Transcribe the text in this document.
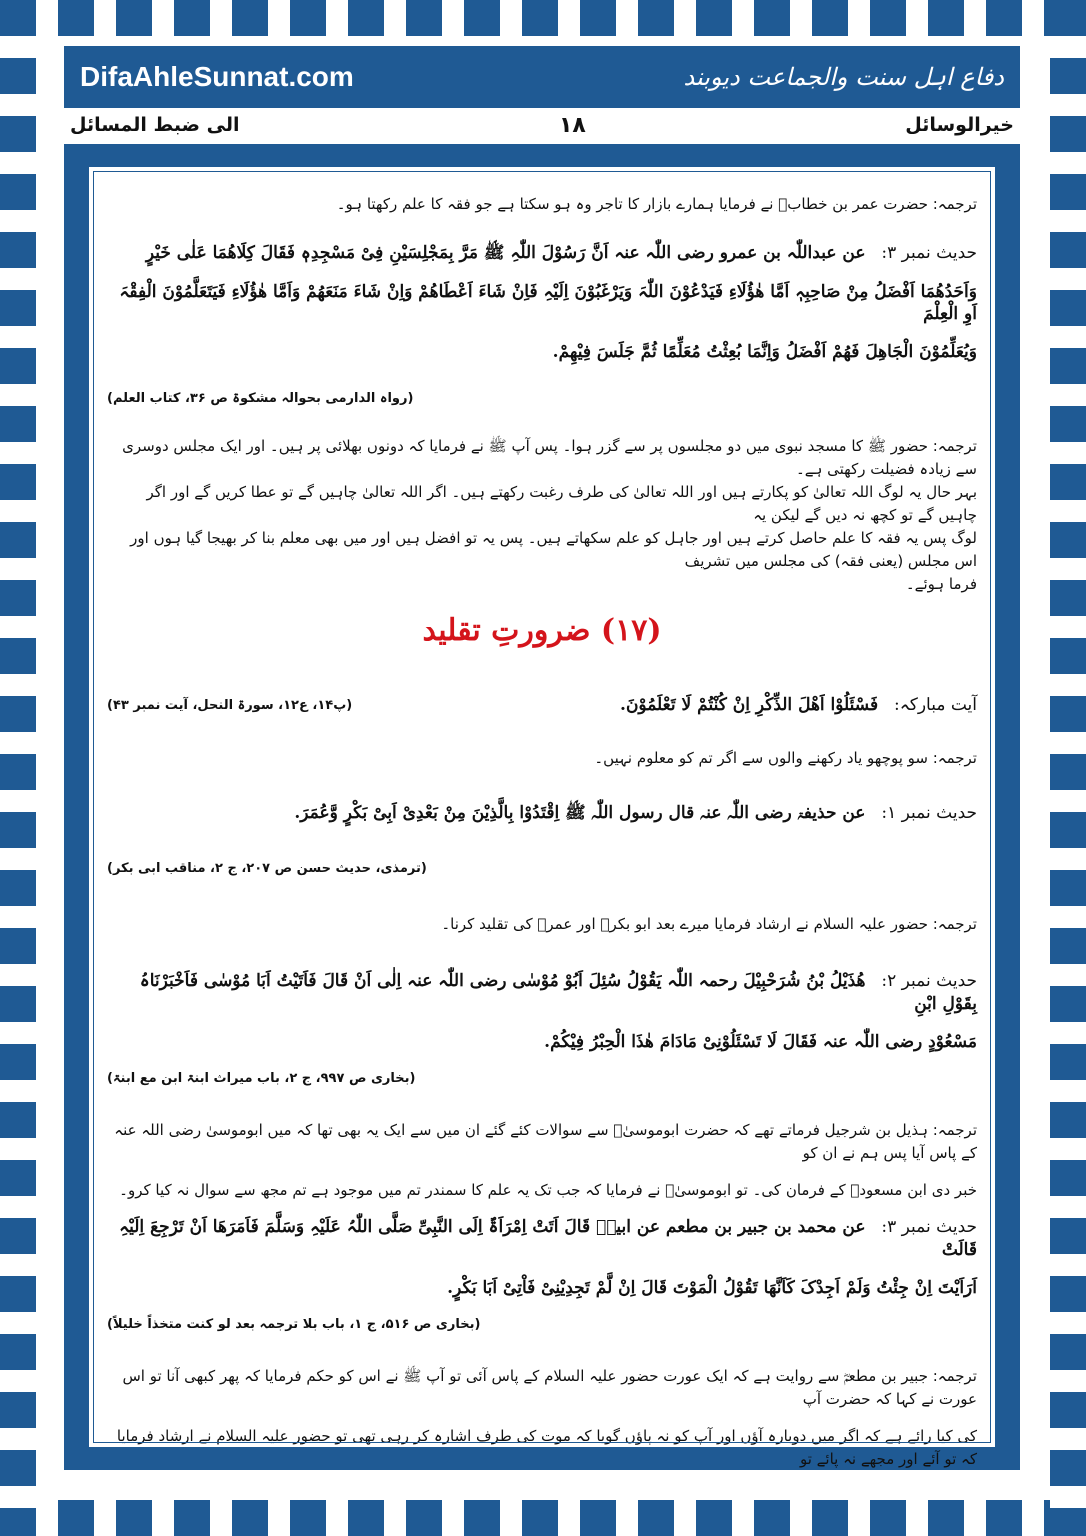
DifaAhleSunnat.com	دفاع اہل سنت والجماعت دیوبند
الی ضبط المسائل	۱۸	خیرالوسائل

ترجمہ: حضرت عمر بن خطابؓ نے فرمایا ہمارے بازار کا تاجر وہ ہو سکتا ہے جو فقہ کا علم رکھتا ہو۔

حدیث نمبر ۳: عن عبداللّٰہ بن عمرو رضی اللّٰہ عنہ اَنَّ رَسُوْلَ اللّٰہِ ﷺ مَرَّ بِمَجْلِسَیْنِ فِیْ مَسْجِدِہٖ فَقَالَ کِلَاھُمَا عَلٰی خَیْرٍ

وَاَحَدُھُمَا اَفْضَلُ مِنْ صَاحِبِہٖ اَمَّا ھٰؤُلَاءِ فَیَدْعُوْنَ اللّٰہَ وَیَرْغَبُوْنَ اِلَیْہِ فَاِنْ شَاءَ اَعْطَاھُمْ وَاِنْ شَاءَ مَنَعَھُمْ وَاَمَّا ھٰؤُلَاءِ فَیَتَعَلَّمُوْنَ الْفِقْہَ اَوِ الْعِلْمَ

وَیُعَلِّمُوْنَ الْجَاھِلَ فَھُمْ اَفْضَلُ وَاِنَّمَا بُعِثْتُ مُعَلِّمًا ثُمَّ جَلَسَ فِیْھِمْ.

(رواہ الدارمی بحوالہ مشکوۃ ص ۳۶، کتاب العلم)

ترجمہ: حضور ﷺ کا مسجد نبوی میں دو مجلسوں پر سے گزر ہوا۔ پس آپ ﷺ نے فرمایا کہ دونوں بھلائی پر ہیں۔ اور ایک مجلس دوسری سے زیادہ فضیلت رکھتی ہے۔

بہر حال یہ لوگ اللہ تعالیٰ کو پکارتے ہیں اور اللہ تعالیٰ کی طرف رغبت رکھتے ہیں۔ اگر اللہ تعالیٰ چاہیں گے تو عطا کریں گے اور اگر چاہیں گے تو کچھ نہ دیں گے لیکن یہ

لوگ پس یہ فقہ کا علم حاصل کرتے ہیں اور جاہل کو علم سکھاتے ہیں۔ پس یہ تو افضل ہیں اور میں بھی معلم بنا کر بھیجا گیا ہوں اور اس مجلس (یعنی فقہ) کی مجلس میں تشریف

فرما ہوئے۔

(۱۷) ضرورتِ تقلید

آیت مبارکہ: فَسْئَلُوْا اَھْلَ الذِّکْرِ اِنْ کُنْتُمْ لَا تَعْلَمُوْنَ.

(پ۱۴، ع۱۲، سورۃ النحل، آیت نمبر ۴۳)

ترجمہ: سو پوچھو یاد رکھنے والوں سے اگر تم کو معلوم نہیں۔

حدیث نمبر ۱: عن حذیفۃ رضی اللّٰہ عنہ قال رسول اللّٰہ ﷺ اِقْتَدُوْا بِالَّذِیْنَ مِنْ بَعْدِیْ اَبِیْ بَکْرٍ وَّعُمَرَ.

(ترمذی، حدیث حسن ص ۲۰۷، ج ۲، مناقب ابی بکر)

ترجمہ: حضور علیہ السلام نے ارشاد فرمایا میرے بعد ابو بکرؓ اور عمرؓ کی تقلید کرنا۔

حدیث نمبر ۲: ھُذَیْلُ بْنُ شُرَحْبِیْلَ رحمہ اللّٰہ یَقُوْلُ سُئِلَ اَبُوْ مُوْسٰی رضی اللّٰہ عنہ اِلٰی اَنْ قَالَ فَاَتَیْتُ اَبَا مُوْسٰی فَاَخْبَرْنَاہُ بِقَوْلِ ابْنِ

مَسْعُوْدٍ رضی اللّٰہ عنہ فَقَالَ لَا تَسْئَلُوْنِیْ مَادَامَ ھٰذَا الْحِبْرُ فِیْکُمْ.

(بخاری ص ۹۹۷، ج ۲، باب میراث ابنۃ ابن مع ابنۃ)

ترجمہ: ہذیل بن شرجیل فرماتے تھے کہ حضرت ابوموسیٰؓ سے سوالات کئے گئے ان میں سے ایک یہ بھی تھا کہ میں ابوموسیٰ رضی اللہ عنہ کے پاس آیا پس ہم نے ان کو

خبر دی ابن مسعودؓ کے فرمان کی۔ تو ابوموسیٰؓ نے فرمایا کہ جب تک یہ علم کا سمندر تم میں موجود ہے تم مجھ سے سوال نہ کیا کرو۔

حدیث نمبر ۳: عن محمد بن جبیر بن مطعم عن ابیہؓ قَالَ اَتَتْ اِمْرَاَۃٌ اِلَی النَّبِیِّ صَلَّی اللّٰہُ عَلَیْہِ وَسَلَّمَ فَاَمَرَھَا اَنْ تَرْجِعَ اِلَیْہِ قَالَتْ

اَرَاَیْتَ اِنْ جِئْتُ وَلَمْ اَجِدْکَ کَاَنَّھَا تَقُوْلُ الْمَوْتَ قَالَ اِنْ لَّمْ تَجِدِیْنِیْ فَاْتِیْ اَبَا بَکْرٍ.

(بخاری ص ۵۱۶، ج ۱، باب بلا ترجمہ بعد لو کنت متخذاً خلیلاً)

ترجمہ: جبیر بن مطعمؓ سے روایت ہے کہ ایک عورت حضور علیہ السلام کے پاس آئی تو آپ ﷺ نے اس کو حکم فرمایا کہ پھر کبھی آنا تو اس عورت نے کہا کہ حضرت آپ

کی کیا رائے ہے کہ اگر میں دوبارہ آؤں اور آپ کو نہ پاؤں گویا کہ موت کی طرف اشارہ کر رہی تھی تو حضور علیہ السلام نے ارشاد فرمایا کہ تو آئے اور مجھے نہ پائے تو
